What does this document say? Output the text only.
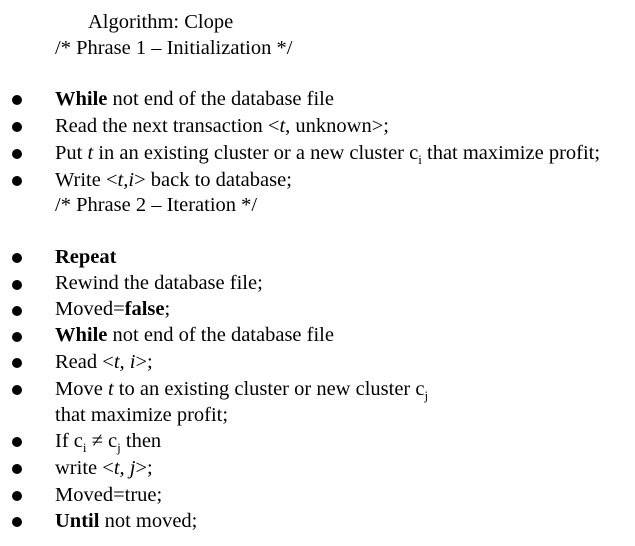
Algorithm: Clope
/* Phrase 1 – Initialization */
While not end of the database file
Read the next transaction <t, unknown>;
Put t in an existing cluster or a new cluster $c_i$ that maximize profit;
Write <t,i> back to database;
/* Phrase 2 – Iteration */
Repeat
Rewind the database file;
Moved=false;
While not end of the database file
Read <t, i>;
Move t to an existing cluster or new cluster $c_j$
that maximize profit;
If $c_i \ne c_j$ then
write <t, j>;
Moved=true;
Until not moved;
